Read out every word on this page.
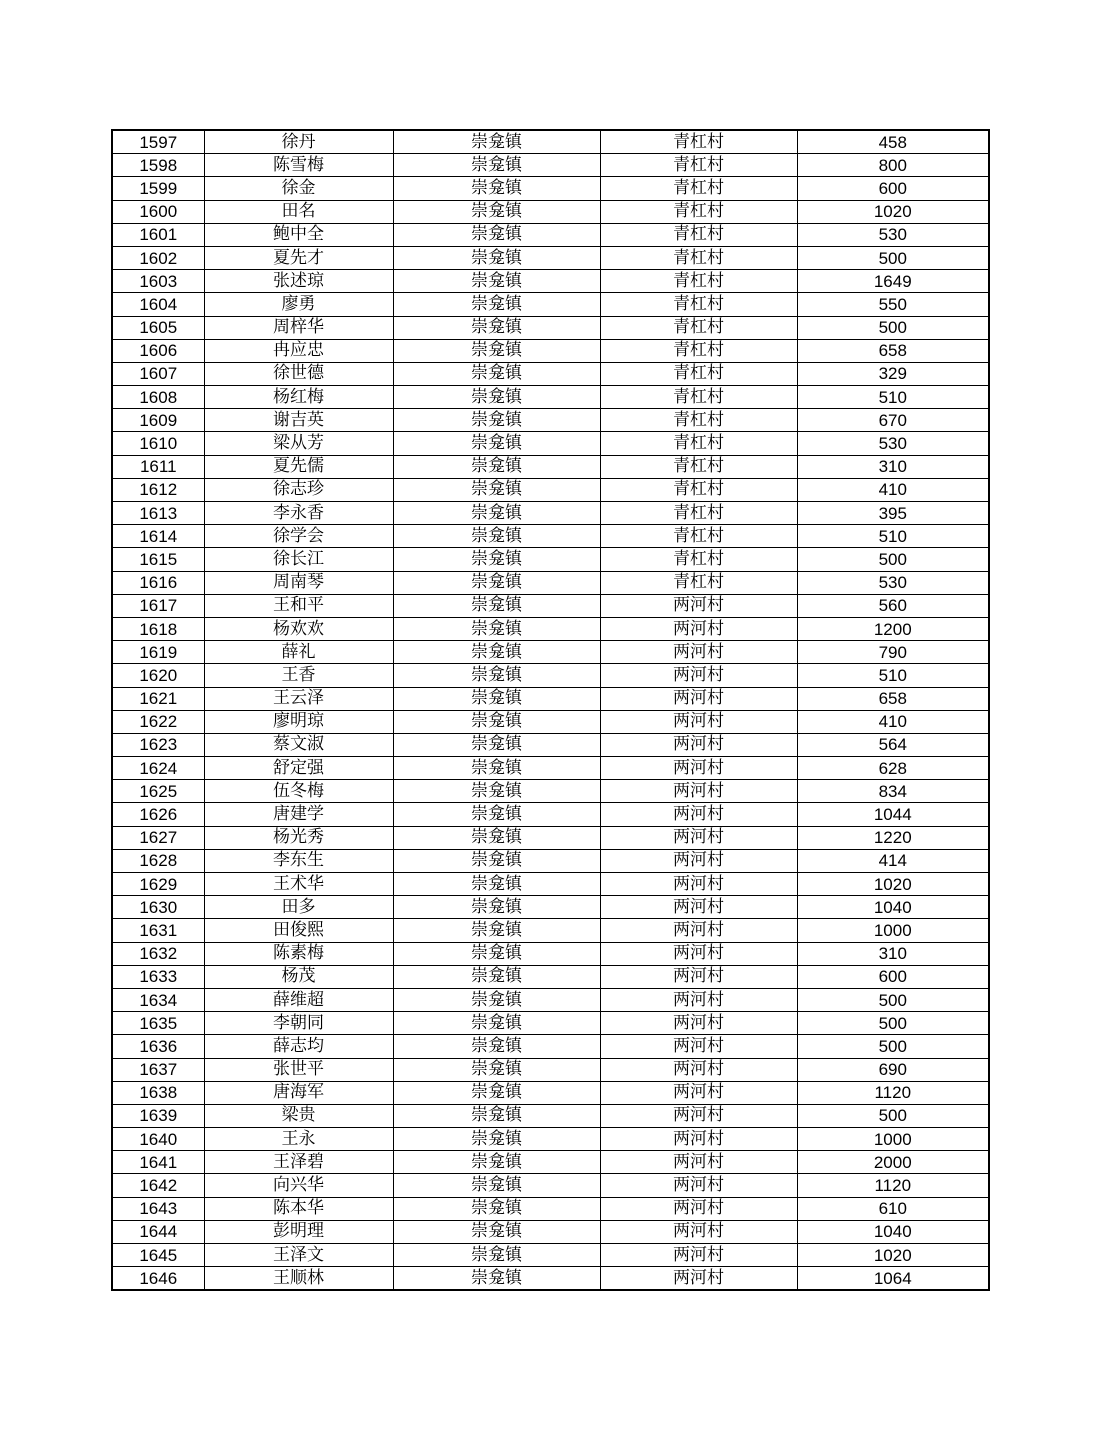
1597	徐丹	崇龛镇	青杠村	458
1598	陈雪梅	崇龛镇	青杠村	800
1599	徐金	崇龛镇	青杠村	600
1600	田名	崇龛镇	青杠村	1020
1601	鲍中全	崇龛镇	青杠村	530
1602	夏先才	崇龛镇	青杠村	500
1603	张述琼	崇龛镇	青杠村	1649
1604	廖勇	崇龛镇	青杠村	550
1605	周梓华	崇龛镇	青杠村	500
1606	冉应忠	崇龛镇	青杠村	658
1607	徐世德	崇龛镇	青杠村	329
1608	杨红梅	崇龛镇	青杠村	510
1609	谢吉英	崇龛镇	青杠村	670
1610	梁从芳	崇龛镇	青杠村	530
1611	夏先儒	崇龛镇	青杠村	310
1612	徐志珍	崇龛镇	青杠村	410
1613	李永香	崇龛镇	青杠村	395
1614	徐学会	崇龛镇	青杠村	510
1615	徐长江	崇龛镇	青杠村	500
1616	周南琴	崇龛镇	青杠村	530
1617	王和平	崇龛镇	两河村	560
1618	杨欢欢	崇龛镇	两河村	1200
1619	薛礼	崇龛镇	两河村	790
1620	王香	崇龛镇	两河村	510
1621	王云泽	崇龛镇	两河村	658
1622	廖明琼	崇龛镇	两河村	410
1623	蔡文淑	崇龛镇	两河村	564
1624	舒定强	崇龛镇	两河村	628
1625	伍冬梅	崇龛镇	两河村	834
1626	唐建学	崇龛镇	两河村	1044
1627	杨光秀	崇龛镇	两河村	1220
1628	李东生	崇龛镇	两河村	414
1629	王术华	崇龛镇	两河村	1020
1630	田多	崇龛镇	两河村	1040
1631	田俊熙	崇龛镇	两河村	1000
1632	陈素梅	崇龛镇	两河村	310
1633	杨茂	崇龛镇	两河村	600
1634	薛维超	崇龛镇	两河村	500
1635	李朝同	崇龛镇	两河村	500
1636	薛志均	崇龛镇	两河村	500
1637	张世平	崇龛镇	两河村	690
1638	唐海军	崇龛镇	两河村	1120
1639	梁贵	崇龛镇	两河村	500
1640	王永	崇龛镇	两河村	1000
1641	王泽碧	崇龛镇	两河村	2000
1642	向兴华	崇龛镇	两河村	1120
1643	陈本华	崇龛镇	两河村	610
1644	彭明理	崇龛镇	两河村	1040
1645	王泽文	崇龛镇	两河村	1020
1646	王顺林	崇龛镇	两河村	1064
